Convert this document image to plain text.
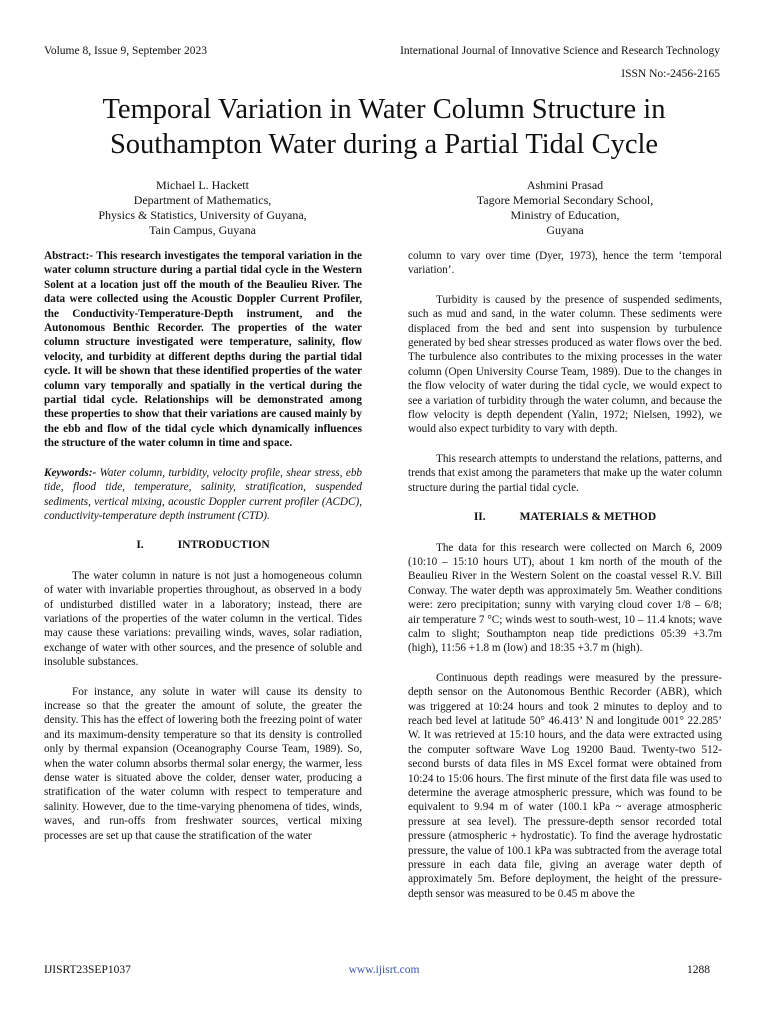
Volume 8, Issue 9, September 2023	International Journal of Innovative Science and Research Technology
ISSN No:-2456-2165
Temporal Variation in Water Column Structure in Southampton Water during a Partial Tidal Cycle
Michael L. Hackett
Department of Mathematics,
Physics & Statistics, University of Guyana,
Tain Campus, Guyana
Ashmini Prasad
Tagore Memorial Secondary School,
Ministry of Education,
Guyana

Abstract:- This research investigates the temporal variation in the water column structure during a partial tidal cycle in the Western Solent at a location just off the mouth of the Beaulieu River. The data were collected using the Acoustic Doppler Current Profiler, the Conductivity-Temperature-Depth instrument, and the Autonomous Benthic Recorder. The properties of the water column structure investigated were temperature, salinity, flow velocity, and turbidity at different depths during the partial tidal cycle. It will be shown that these identified properties of the water column vary temporally and spatially in the vertical during the partial tidal cycle. Relationships will be demonstrated among these properties to show that their variations are caused mainly by the ebb and flow of the tidal cycle which dynamically influences the structure of the water column in time and space.

Keywords:- Water column, turbidity, velocity profile, shear stress, ebb tide, flood tide, temperature, salinity, stratification, suspended sediments, vertical mixing, acoustic Doppler current profiler (ACDC), conductivity-temperature depth instrument (CTD).

I.	INTRODUCTION

The water column in nature is not just a homogeneous column of water with invariable properties throughout, as observed in a body of undisturbed distilled water in a laboratory; instead, there are variations of the properties of the water column in the vertical. Tides may cause these variations: prevailing winds, waves, solar radiation, exchange of water with other sources, and the presence of soluble and insoluble substances.

For instance, any solute in water will cause its density to increase so that the greater the amount of solute, the greater the density. This has the effect of lowering both the freezing point of water and its maximum-density temperature so that its density is controlled only by thermal expansion (Oceanography Course Team, 1989). So, when the water column absorbs thermal solar energy, the warmer, less dense water is situated above the colder, denser water, producing a stratification of the water column with respect to temperature and salinity. However, due to the time-varying phenomena of tides, winds, waves, and run-offs from freshwater sources, vertical mixing processes are set up that cause the stratification of the water

column to vary over time (Dyer, 1973), hence the term ‘temporal variation’.

Turbidity is caused by the presence of suspended sediments, such as mud and sand, in the water column. These sediments were displaced from the bed and sent into suspension by turbulence generated by bed shear stresses produced as water flows over the bed. The turbulence also contributes to the mixing processes in the water column (Open University Course Team, 1989). Due to the changes in the flow velocity of water during the tidal cycle, we would expect to see a variation of turbidity through the water column, and because the flow velocity is depth dependent (Yalin, 1972; Nielsen, 1992), we would also expect turbidity to vary with depth.

This research attempts to understand the relations, patterns, and trends that exist among the parameters that make up the water column structure during the partial tidal cycle.

II.	MATERIALS & METHOD

The data for this research were collected on March 6, 2009 (10:10 – 15:10 hours UT), about 1 km north of the mouth of the Beaulieu River in the Western Solent on the coastal vessel R.V. Bill Conway. The water depth was approximately 5m. Weather conditions were: zero precipitation; sunny with varying cloud cover 1/8 – 6/8; air temperature 7 °C; winds west to south-west, 10 – 11.4 knots; wave calm to slight; Southampton neap tide predictions 05:39 +3.7m (high), 11:56 +1.8 m (low) and 18:35 +3.7 m (high).

Continuous depth readings were measured by the pressure-depth sensor on the Autonomous Benthic Recorder (ABR), which was triggered at 10:24 hours and took 2 minutes to deploy and to reach bed level at latitude 50° 46.413’ N and longitude 001° 22.285’ W. It was retrieved at 15:10 hours, and the data were extracted using the computer software Wave Log 19200 Baud. Twenty-two 512-second bursts of data files in MS Excel format were obtained from 10:24 to 15:06 hours. The first minute of the first data file was used to determine the average atmospheric pressure, which was found to be equivalent to 9.94 m of water (100.1 kPa ~ average atmospheric pressure at sea level). The pressure-depth sensor recorded total pressure (atmospheric + hydrostatic). To find the average hydrostatic pressure, the value of 100.1 kPa was subtracted from the average total pressure in each data file, giving an average water depth of approximately 5m. Before deployment, the height of the pressure-depth sensor was measured to be 0.45 m above the

IJISRT23SEP1037	www.ijisrt.com	1288
